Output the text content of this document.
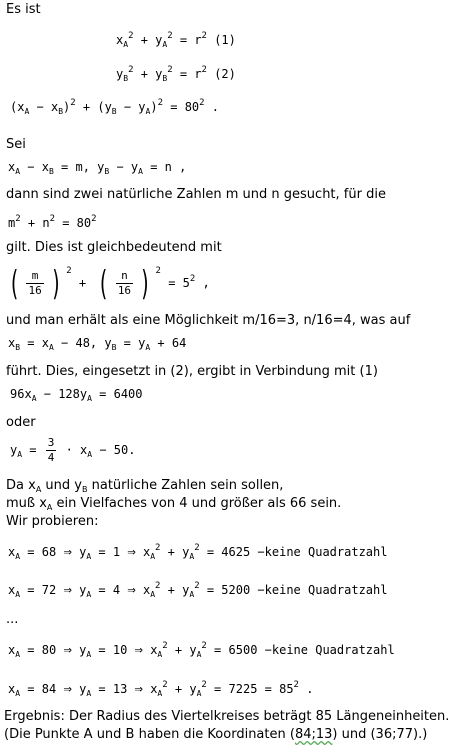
Es ist
$x_A^2 + y_A^2 = r^2$ (1)
$y_B^2 + y_B^2 = r^2$ (2)
$(x_A - x_B)^2 + (y_B - y_A)^2 = 80^2$ .
Sei
$x_A - x_B = m$, $y_B - y_A = n$ ,
dann sind zwei natürliche Zahlen m und n gesucht, für die
$m^2 + n^2 = 80^2$
gilt. Dies ist gleichbedeutend mit
( $\frac{m}{16}$ ) $^2$ + ( $\frac{n}{16}$ ) $^2 = 5^2$ ,
und man erhält als eine Möglichkeit m/16=3, n/16=4, was auf
$x_B = x_A - 48$, $y_B = y_A + 64$
führt. Dies, eingesetzt in (2), ergibt in Verbindung mit (1)
$96x_A - 128y_A = 6400$
oder
$y_A = \frac{3}{4} \cdot x_A - 50$.
Da $x_A$ und $y_B$ natürliche Zahlen sein sollen,
muß $x_A$ ein Vielfaches von 4 und größer als 66 sein.
Wir probieren:
$x_A = 68$ ⇒ $y_A = 1$ ⇒ $x_A^2 + y_A^2 = 4625$ −keine Quadratzahl
$x_A = 72$ ⇒ $y_A = 4$ ⇒ $x_A^2 + y_A^2 = 5200$ −keine Quadratzahl
...
$x_A = 80$ ⇒ $y_A = 10$ ⇒ $x_A^2 + y_A^2 = 6500$ −keine Quadratzahl
$x_A = 84$ ⇒ $y_A = 13$ ⇒ $x_A^2 + y_A^2 = 7225 = 85^2$ .
Ergebnis: Der Radius des Viertelkreises beträgt 85 Längeneinheiten.
(Die Punkte A und B haben die Koordinaten (84;13) und (36;77).)
